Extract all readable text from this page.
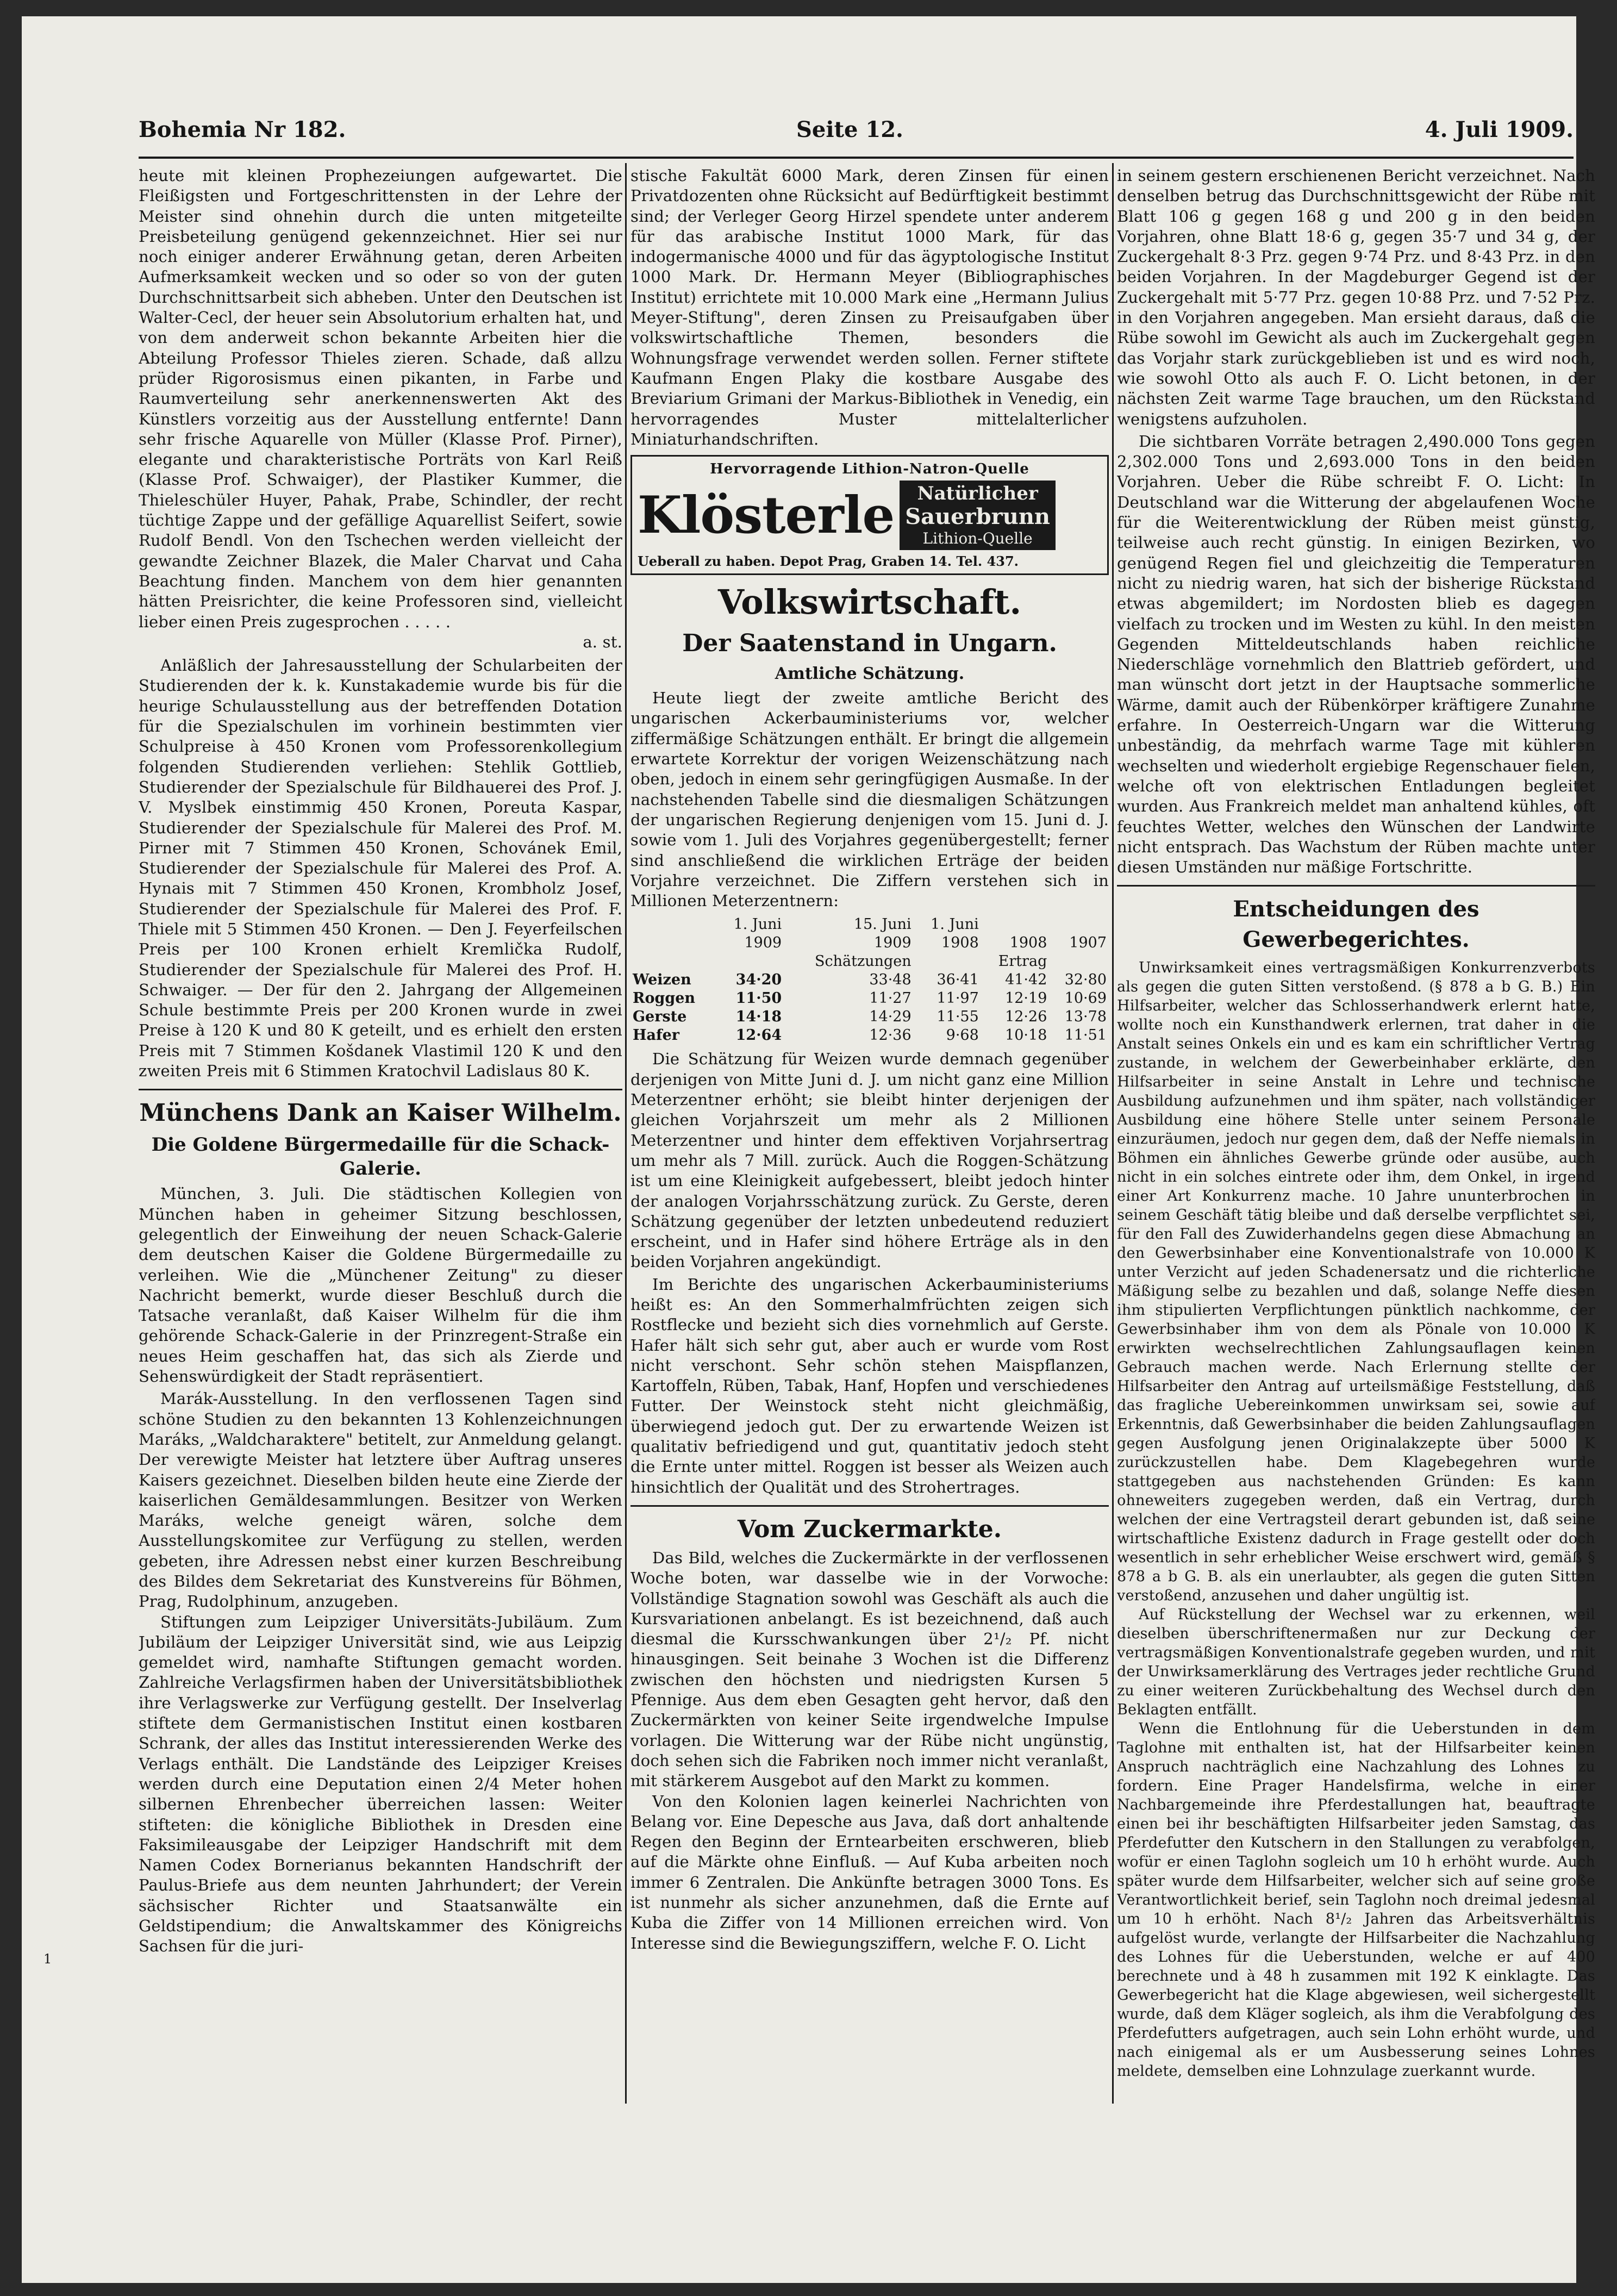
Bohemia Nr 182.	Seite 12.	4. Juli 1909.

heute mit kleinen Prophezeiungen aufgewartet. Die Fleißigsten und Fortgeschrittensten in der Lehre der Meister sind ohnehin durch die unten mitgeteilte Preisbeteilung genügend gekennzeichnet. Hier sei nur noch einiger anderer Erwähnung getan, deren Arbeiten Aufmerksamkeit wecken und so oder so von der guten Durchschnittsarbeit sich abheben. Unter den Deutschen ist Walter-Cecl, der heuer sein Absolutorium erhalten hat, und von dem anderweit schon bekannte Arbeiten hier die Abteilung Professor Thieles zieren. Schade, daß allzu prüder Rigorosismus einen pikanten, in Farbe und Raumverteilung sehr anerkennenswerten Akt des Künstlers vorzeitig aus der Ausstellung entfernte! Dann sehr frische Aquarelle von Müller (Klasse Prof. Pirner), elegante und charakteristische Porträts von Karl Reiß (Klasse Prof. Schwaiger), der Plastiker Kummer, die Thieleschüler Huyer, Pahak, Prabe, Schindler, der recht tüchtige Zappe und der gefällige Aquarellist Seifert, sowie Rudolf Bendl. Von den Tschechen werden vielleicht der gewandte Zeichner Blazek, die Maler Charvat und Caha Beachtung finden. Manchem von dem hier genannten hätten Preisrichter, die keine Professoren sind, vielleicht lieber einen Preis zugesprochen . . . . .

a. st.

Anläßlich der Jahresausstellung der Schularbeiten der Studierenden der k. k. Kunstakademie wurde bis für die heurige Schulausstellung aus der betreffenden Dotation für die Spezialschulen im vorhinein bestimmten vier Schulpreise à 450 Kronen vom Professorenkollegium folgenden Studierenden verliehen: Stehlik Gottlieb, Studierender der Spezialschule für Bildhauerei des Prof. J. V. Myslbek einstimmig 450 Kronen, Poreuta Kaspar, Studierender der Spezialschule für Malerei des Prof. M. Pirner mit 7 Stimmen 450 Kronen, Schovánek Emil, Studierender der Spezialschule für Malerei des Prof. A. Hynais mit 7 Stimmen 450 Kronen, Krombholz Josef, Studierender der Spezialschule für Malerei des Prof. F. Thiele mit 5 Stimmen 450 Kronen. — Den J. Feyerfeilschen Preis per 100 Kronen erhielt Kremlička Rudolf, Studierender der Spezialschule für Malerei des Prof. H. Schwaiger. — Der für den 2. Jahrgang der Allgemeinen Schule bestimmte Preis per 200 Kronen wurde in zwei Preise à 120 K und 80 K geteilt, und es erhielt den ersten Preis mit 7 Stimmen Košdanek Vlastimil 120 K und den zweiten Preis mit 6 Stimmen Kratochvil Ladislaus 80 K.

Münchens Dank an Kaiser Wilhelm.
Die Goldene Bürgermedaille für die Schack-Galerie.

München, 3. Juli. Die städtischen Kollegien von München haben in geheimer Sitzung beschlossen, gelegentlich der Einweihung der neuen Schack-Galerie dem deutschen Kaiser die Goldene Bürgermedaille zu verleihen. Wie die „Münchener Zeitung" zu dieser Nachricht bemerkt, wurde dieser Beschluß durch die Tatsache veranlaßt, daß Kaiser Wilhelm für die ihm gehörende Schack-Galerie in der Prinzregent-Straße ein neues Heim geschaffen hat, das sich als Zierde und Sehenswürdigkeit der Stadt repräsentiert.

Marák-Ausstellung. In den verflossenen Tagen sind schöne Studien zu den bekannten 13 Kohlenzeichnungen Maráks, „Waldcharaktere" betitelt, zur Anmeldung gelangt. Der verewigte Meister hat letztere über Auftrag unseres Kaisers gezeichnet. Dieselben bilden heute eine Zierde der kaiserlichen Gemäldesammlungen. Besitzer von Werken Maráks, welche geneigt wären, solche dem Ausstellungskomitee zur Verfügung zu stellen, werden gebeten, ihre Adressen nebst einer kurzen Beschreibung des Bildes dem Sekretariat des Kunstvereins für Böhmen, Prag, Rudolphinum, anzugeben.

Stiftungen zum Leipziger Universitäts-Jubiläum. Zum Jubiläum der Leipziger Universität sind, wie aus Leipzig gemeldet wird, namhafte Stiftungen gemacht worden. Zahlreiche Verlagsfirmen haben der Universitätsbibliothek ihre Verlagswerke zur Verfügung gestellt. Der Inselverlag stiftete dem Germanistischen Institut einen kostbaren Schrank, der alles das Institut interessierenden Werke des Verlags enthält. Die Landstände des Leipziger Kreises werden durch eine Deputation einen 2/4 Meter hohen silbernen Ehrenbecher überreichen lassen: Weiter stifteten: die königliche Bibliothek in Dresden eine Faksimileausgabe der Leipziger Handschrift mit dem Namen Codex Bornerianus bekannten Handschrift der Paulus-Briefe aus dem neunten Jahrhundert; der Verein sächsischer Richter und Staatsanwälte ein Geldstipendium; die Anwaltskammer des Königreichs Sachsen für die juri-

stische Fakultät 6000 Mark, deren Zinsen für einen Privatdozenten ohne Rücksicht auf Bedürftigkeit bestimmt sind; der Verleger Georg Hirzel spendete unter anderem für das arabische Institut 1000 Mark, für das indogermanische 4000 und für das ägyptologische Institut 1000 Mark. Dr. Hermann Meyer (Bibliographisches Institut) errichtete mit 10.000 Mark eine „Hermann Julius Meyer-Stiftung", deren Zinsen zu Preisaufgaben über volkswirtschaftliche Themen, besonders die Wohnungsfrage verwendet werden sollen. Ferner stiftete Kaufmann Engen Plaky die kostbare Ausgabe des Breviarium Grimani der Markus-Bibliothek in Venedig, ein hervorragendes Muster mittelalterlicher Miniaturhandschriften.

Hervorragende Lithion-Natron-Quelle
Klösterle	Natürlicher
Sauerbrunn
Lithion-Quelle
Ueberall zu haben. Depot Prag, Graben 14. Tel. 437.
Volkswirtschaft.
Der Saatenstand in Ungarn.
Amtliche Schätzung.

Heute liegt der zweite amtliche Bericht des ungarischen Ackerbauministeriums vor, welcher ziffermäßige Schätzungen enthält. Er bringt die allgemein erwartete Korrektur der vorigen Weizenschätzung nach oben, jedoch in einem sehr geringfügigen Ausmaße. In der nachstehenden Tabelle sind die diesmaligen Schätzungen der ungarischen Regierung denjenigen vom 15. Juni d. J. sowie vom 1. Juli des Vorjahres gegenübergestellt; ferner sind anschließend die wirklichen Erträge der beiden Vorjahre verzeichnet. Die Ziffern verstehen sich in Millionen Meterzentnern:

	1. Juni	15. Juni	1. Juni		
	1909	1909	1908	1908	1907
		Schätzungen		Ertrag	
Weizen	34·20	33·48	36·41	41·42	32·80
Roggen	11·50	11·27	11·97	12·19	10·69
Gerste	14·18	14·29	11·55	12·26	13·78
Hafer	12·64	12·36	9·68	10·18	11·51

Die Schätzung für Weizen wurde demnach gegenüber derjenigen von Mitte Juni d. J. um nicht ganz eine Million Meterzentner erhöht; sie bleibt hinter derjenigen der gleichen Vorjahrszeit um mehr als 2 Millionen Meterzentner und hinter dem effektiven Vorjahrsertrag um mehr als 7 Mill. zurück. Auch die Roggen-Schätzung ist um eine Kleinigkeit aufgebessert, bleibt jedoch hinter der analogen Vorjahrsschätzung zurück. Zu Gerste, deren Schätzung gegenüber der letzten unbedeutend reduziert erscheint, und in Hafer sind höhere Erträge als in den beiden Vorjahren angekündigt.

Im Berichte des ungarischen Ackerbauministeriums heißt es: An den Sommerhalmfrüchten zeigen sich Rostflecke und bezieht sich dies vornehmlich auf Gerste. Hafer hält sich sehr gut, aber auch er wurde vom Rost nicht verschont. Sehr schön stehen Maispflanzen, Kartoffeln, Rüben, Tabak, Hanf, Hopfen und verschiedenes Futter. Der Weinstock steht nicht gleichmäßig, überwiegend jedoch gut. Der zu erwartende Weizen ist qualitativ befriedigend und gut, quantitativ jedoch steht die Ernte unter mittel. Roggen ist besser als Weizen auch hinsichtlich der Qualität und des Strohertrages.

Vom Zuckermarkte.

Das Bild, welches die Zuckermärkte in der verflossenen Woche boten, war dasselbe wie in der Vorwoche: Vollständige Stagnation sowohl was Geschäft als auch die Kursvariationen anbelangt. Es ist bezeichnend, daß auch diesmal die Kursschwankungen über 2¹/₂ Pf. nicht hinausgingen. Seit beinahe 3 Wochen ist die Differenz zwischen den höchsten und niedrigsten Kursen 5 Pfennige. Aus dem eben Gesagten geht hervor, daß den Zuckermärkten von keiner Seite irgendwelche Impulse vorlagen. Die Witterung war der Rübe nicht ungünstig, doch sehen sich die Fabriken noch immer nicht veranlaßt, mit stärkerem Ausgebot auf den Markt zu kommen.

Von den Kolonien lagen keinerlei Nachrichten von Belang vor. Eine Depesche aus Java, daß dort anhaltende Regen den Beginn der Erntearbeiten erschweren, blieb auf die Märkte ohne Einfluß. — Auf Kuba arbeiten noch immer 6 Zentralen. Die Ankünfte betragen 3000 Tons. Es ist nunmehr als sicher anzunehmen, daß die Ernte auf Kuba die Ziffer von 14 Millionen erreichen wird. Von Interesse sind die Bewiegungsziffern, welche F. O. Licht

in seinem gestern erschienenen Bericht verzeichnet. Nach denselben betrug das Durchschnittsgewicht der Rübe mit Blatt 106 g gegen 168 g und 200 g in den beiden Vorjahren, ohne Blatt 18·6 g, gegen 35·7 und 34 g, der Zuckergehalt 8·3 Prz. gegen 9·74 Prz. und 8·43 Prz. in den beiden Vorjahren. In der Magdeburger Gegend ist der Zuckergehalt mit 5·77 Prz. gegen 10·88 Prz. und 7·52 Prz. in den Vorjahren angegeben. Man ersieht daraus, daß die Rübe sowohl im Gewicht als auch im Zuckergehalt gegen das Vorjahr stark zurückgeblieben ist und es wird noch, wie sowohl Otto als auch F. O. Licht betonen, in der nächsten Zeit warme Tage brauchen, um den Rückstand wenigstens aufzuholen.

Die sichtbaren Vorräte betragen 2,490.000 Tons gegen 2,302.000 Tons und 2,693.000 Tons in den beiden Vorjahren. Ueber die Rübe schreibt F. O. Licht: In Deutschland war die Witterung der abgelaufenen Woche für die Weiterentwicklung der Rüben meist günstig, teilweise auch recht günstig. In einigen Bezirken, wo genügend Regen fiel und gleichzeitig die Temperaturen nicht zu niedrig waren, hat sich der bisherige Rückstand etwas abgemildert; im Nordosten blieb es dagegen vielfach zu trocken und im Westen zu kühl. In den meisten Gegenden Mitteldeutschlands haben reichliche Niederschläge vornehmlich den Blattrieb gefördert, und man wünscht dort jetzt in der Hauptsache sommerliche Wärme, damit auch der Rübenkörper kräftigere Zunahme erfahre. In Oesterreich-Ungarn war die Witterung unbeständig, da mehrfach warme Tage mit kühleren wechselten und wiederholt ergiebige Regenschauer fielen, welche oft von elektrischen Entladungen begleitet wurden. Aus Frankreich meldet man anhaltend kühles, oft feuchtes Wetter, welches den Wünschen der Landwirte nicht entsprach. Das Wachstum der Rüben machte unter diesen Umständen nur mäßige Fortschritte.

Entscheidungen des Gewerbegerichtes.

Unwirksamkeit eines vertragsmäßigen Konkurrenzverbots als gegen die guten Sitten verstoßend. (§ 878 a b G. B.) Ein Hilfsarbeiter, welcher das Schlosserhandwerk erlernt hatte, wollte noch ein Kunsthandwerk erlernen, trat daher in die Anstalt seines Onkels ein und es kam ein schriftlicher Vertrag zustande, in welchem der Gewerbeinhaber erklärte, den Hilfsarbeiter in seine Anstalt in Lehre und technische Ausbildung aufzunehmen und ihm später, nach vollständiger Ausbildung eine höhere Stelle unter seinem Personale einzuräumen, jedoch nur gegen dem, daß der Neffe niemals in Böhmen ein ähnliches Gewerbe gründe oder ausübe, auch nicht in ein solches eintrete oder ihm, dem Onkel, in irgend einer Art Konkurrenz mache. 10 Jahre ununterbrochen in seinem Geschäft tätig bleibe und daß derselbe verpflichtet sei, für den Fall des Zuwiderhandelns gegen diese Abmachung an den Gewerbsinhaber eine Konventionalstrafe von 10.000 K unter Verzicht auf jeden Schadenersatz und die richterliche Mäßigung selbe zu bezahlen und daß, solange Neffe diesen ihm stipulierten Verpflichtungen pünktlich nachkomme, der Gewerbsinhaber ihm von dem als Pönale von 10.000 K erwirkten wechselrechtlichen Zahlungsauflagen keinen Gebrauch machen werde. Nach Erlernung stellte der Hilfsarbeiter den Antrag auf urteilsmäßige Feststellung, daß das fragliche Uebereinkommen unwirksam sei, sowie auf Erkenntnis, daß Gewerbsinhaber die beiden Zahlungsauflagen gegen Ausfolgung jenen Originalakzepte über 5000 K zurückzustellen habe. Dem Klagebegehren wurde stattgegeben aus nachstehenden Gründen: Es kann ohneweiters zugegeben werden, daß ein Vertrag, durch welchen der eine Vertragsteil derart gebunden ist, daß seine wirtschaftliche Existenz dadurch in Frage gestellt oder doch wesentlich in sehr erheblicher Weise erschwert wird, gemäß § 878 a b G. B. als ein unerlaubter, als gegen die guten Sitten verstoßend, anzusehen und daher ungültig ist.

Auf Rückstellung der Wechsel war zu erkennen, weil dieselben überschriftenermaßen nur zur Deckung der vertragsmäßigen Konventionalstrafe gegeben wurden, und mit der Unwirksamerklärung des Vertrages jeder rechtliche Grund zu einer weiteren Zurückbehaltung des Wechsel durch den Beklagten entfällt.

Wenn die Entlohnung für die Ueberstunden in dem Taglohne mit enthalten ist, hat der Hilfsarbeiter keinen Anspruch nachträglich eine Nachzahlung des Lohnes zu fordern. Eine Prager Handelsfirma, welche in einer Nachbargemeinde ihre Pferdestallungen hat, beauftragte einen bei ihr beschäftigten Hilfsarbeiter jeden Samstag, das Pferdefutter den Kutschern in den Stallungen zu verabfolgen, wofür er einen Taglohn sogleich um 10 h erhöht wurde. Auch später wurde dem Hilfsarbeiter, welcher sich auf seine große Verantwortlichkeit berief, sein Taglohn noch dreimal jedesmal um 10 h erhöht. Nach 8¹/₂ Jahren das Arbeitsverhältnis aufgelöst wurde, verlangte der Hilfsarbeiter die Nachzahlung des Lohnes für die Ueberstunden, welche er auf 400 berechnete und à 48 h zusammen mit 192 K einklagte. Das Gewerbegericht hat die Klage abgewiesen, weil sichergestellt wurde, daß dem Kläger sogleich, als ihm die Verabfolgung des Pferdefutters aufgetragen, auch sein Lohn erhöht wurde, und nach einigemal als er um Ausbesserung seines Lohnes meldete, demselben eine Lohnzulage zuerkannt wurde.

1
